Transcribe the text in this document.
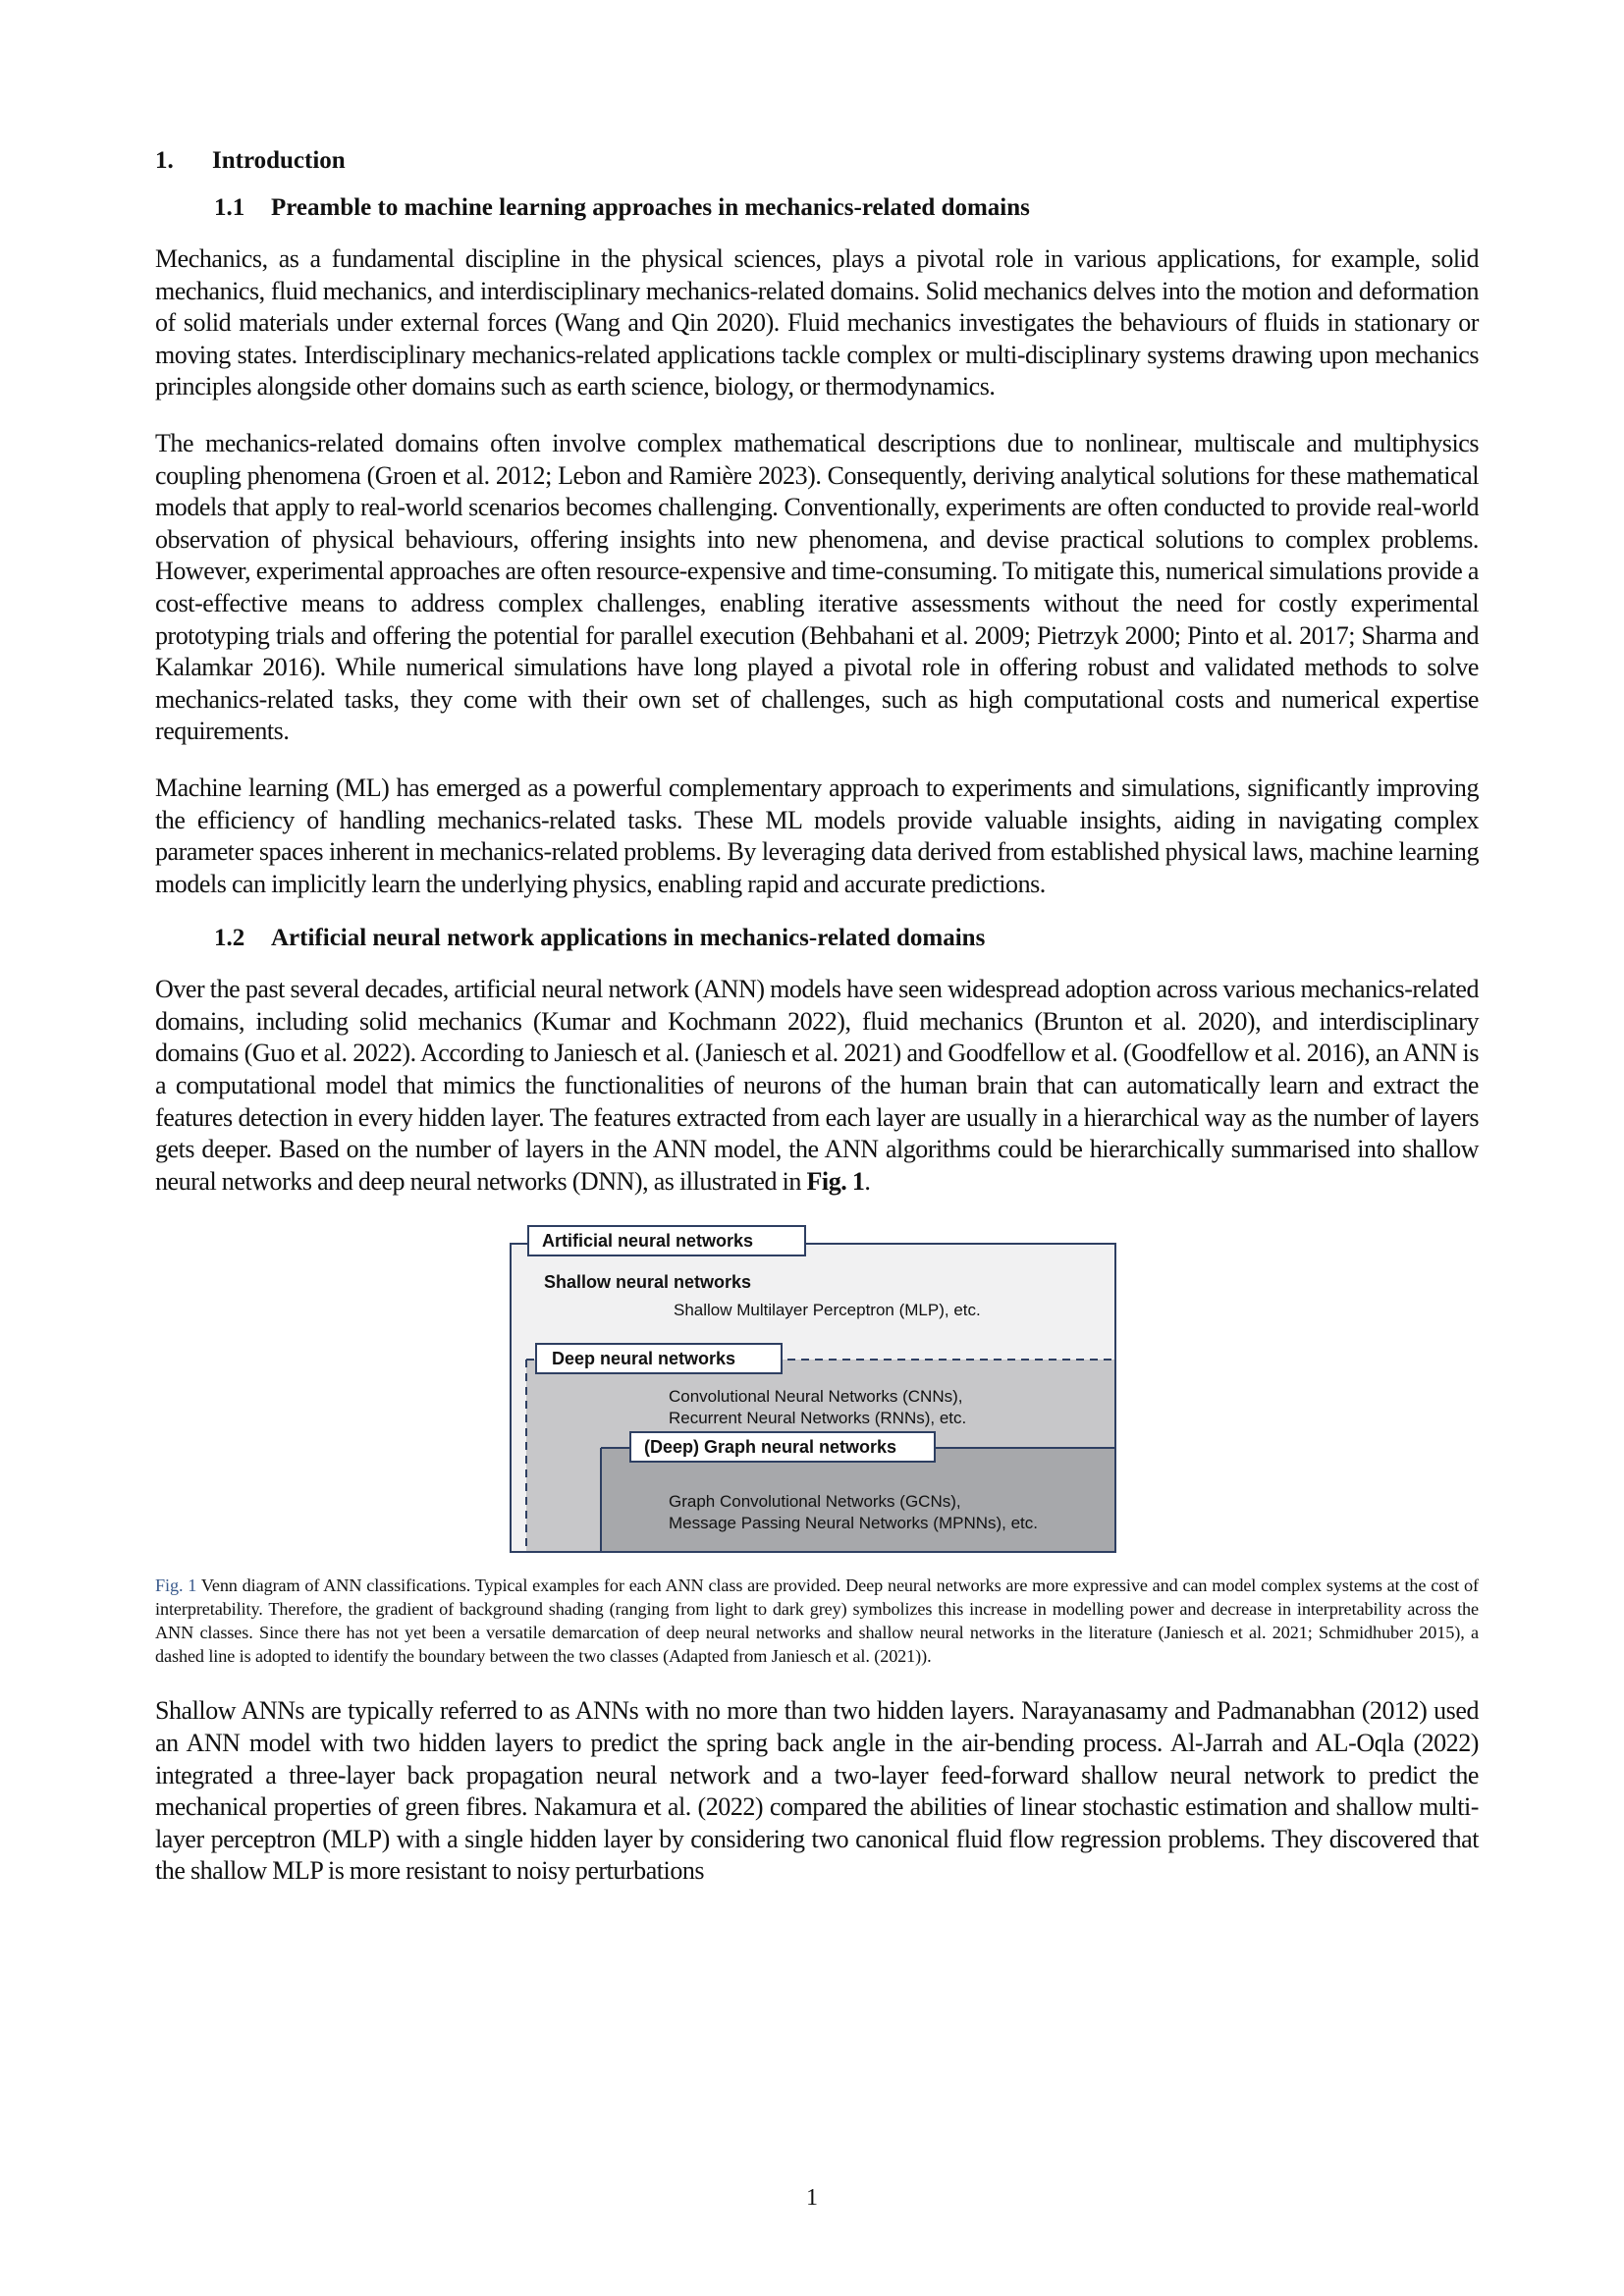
1.	Introduction
1.1	Preamble to machine learning approaches in mechanics-related domains

Mechanics, as a fundamental discipline in the physical sciences, plays a pivotal role in various applications, for example, solid mechanics, fluid mechanics, and interdisciplinary mechanics-related domains. Solid mechanics delves into the motion and deformation of solid materials under external forces (Wang and Qin 2020). Fluid mechanics investigates the behaviours of fluids in stationary or moving states. Interdisciplinary mechanics-related applications tackle complex or multi-disciplinary systems drawing upon mechanics principles alongside other domains such as earth science, biology, or thermodynamics.

The mechanics-related domains often involve complex mathematical descriptions due to nonlinear, multiscale and multiphysics coupling phenomena (Groen et al. 2012; Lebon and Ramière 2023). Consequently, deriving analytical solutions for these mathematical models that apply to real-world scenarios becomes challenging. Conventionally, experiments are often conducted to provide real-world observation of physical behaviours, offering insights into new phenomena, and devise practical solutions to complex problems. However, experimental approaches are often resource-expensive and time-consuming. To mitigate this, numerical simulations provide a cost-effective means to address complex challenges, enabling iterative assessments without the need for costly experimental prototyping trials and offering the potential for parallel execution (Behbahani et al. 2009; Pietrzyk 2000; Pinto et al. 2017; Sharma and Kalamkar 2016). While numerical simulations have long played a pivotal role in offering robust and validated methods to solve mechanics-related tasks, they come with their own set of challenges, such as high computational costs and numerical expertise requirements.

Machine learning (ML) has emerged as a powerful complementary approach to experiments and simulations, significantly improving the efficiency of handling mechanics-related tasks. These ML models provide valuable insights, aiding in navigating complex parameter spaces inherent in mechanics-related problems. By leveraging data derived from established physical laws, machine learning models can implicitly learn the underlying physics, enabling rapid and accurate predictions.

1.2	Artificial neural network applications in mechanics-related domains

Over the past several decades, artificial neural network (ANN) models have seen widespread adoption across various mechanics-related domains, including solid mechanics (Kumar and Kochmann 2022), fluid mechanics (Brunton et al. 2020), and interdisciplinary domains (Guo et al. 2022). According to Janiesch et al. (Janiesch et al. 2021) and Goodfellow et al. (Goodfellow et al. 2016), an ANN is a computational model that mimics the functionalities of neurons of the human brain that can automatically learn and extract the features detection in every hidden layer. The features extracted from each layer are usually in a hierarchical way as the number of layers gets deeper. Based on the number of layers in the ANN model, the ANN algorithms could be hierarchically summarised into shallow neural networks and deep neural networks (DNN), as illustrated in Fig. 1.

Artificial neural networks
Shallow neural networks
Shallow Multilayer Perceptron (MLP), etc.
Deep neural networks
Convolutional Neural Networks (CNNs),
Recurrent Neural Networks (RNNs), etc.
(Deep) Graph neural networks
Graph Convolutional Networks (GCNs),
Message Passing Neural Networks (MPNNs), etc.

Fig. 1 Venn diagram of ANN classifications. Typical examples for each ANN class are provided. Deep neural networks are more expressive and can model complex systems at the cost of interpretability. Therefore, the gradient of background shading (ranging from light to dark grey) symbolizes this increase in modelling power and decrease in interpretability across the ANN classes. Since there has not yet been a versatile demarcation of deep neural networks and shallow neural networks in the literature (Janiesch et al. 2021; Schmidhuber 2015), a dashed line is adopted to identify the boundary between the two classes (Adapted from Janiesch et al. (2021)).

Shallow ANNs are typically referred to as ANNs with no more than two hidden layers. Narayanasamy and Padmanabhan (2012) used an ANN model with two hidden layers to predict the spring back angle in the air-bending process. Al-Jarrah and AL-Oqla (2022) integrated a three-layer back propagation neural network and a two-layer feed-forward shallow neural network to predict the mechanical properties of green fibres. Nakamura et al. (2022) compared the abilities of linear stochastic estimation and shallow multi-layer perceptron (MLP) with a single hidden layer by considering two canonical fluid flow regression problems. They discovered that the shallow MLP is more resistant to noisy perturbations

1
